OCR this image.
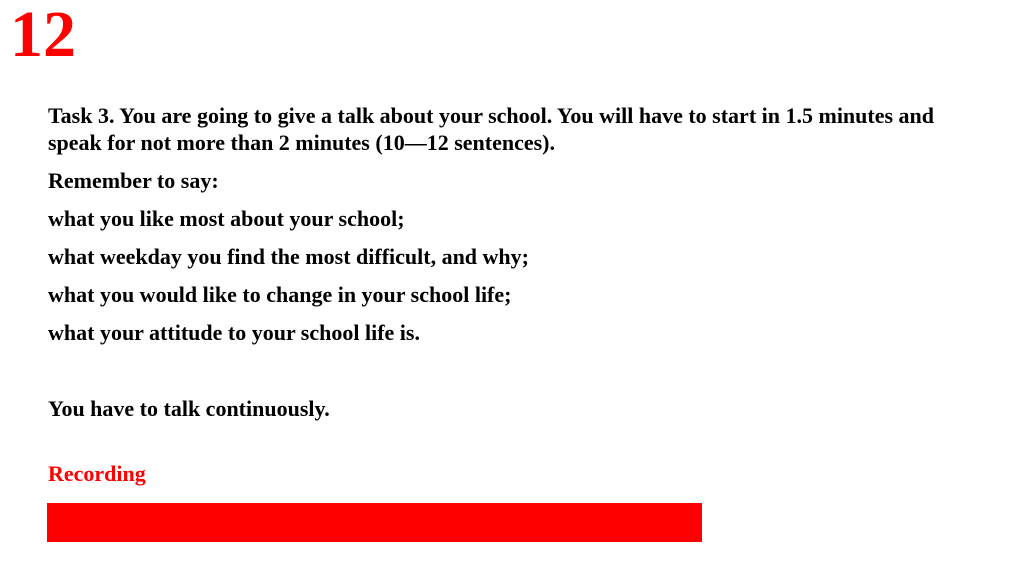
12

Task 3. You are going to give a talk about your school. You will have to start in 1.5 minutes and speak for not more than 2 minutes (10—12 sentences).

Remember to say:

what you like most about your school;

what weekday you find the most difficult, and why;

what you would like to change in your school life;

what your attitude to your school life is.

You have to talk continuously.

Recording
